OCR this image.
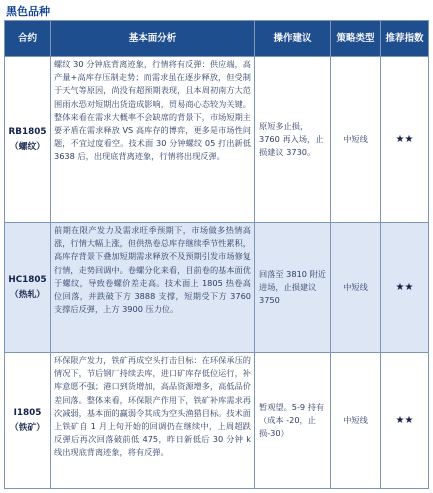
黑色品种
合约	基本面分析	操作建议	策略类型	推荐指数

RB1805
（螺纹）	螺纹 30 分钟底背离迹象，行情将有反弹：供应端，高产量+高库存压制走势；而需求虽在逐步释放，但受制于天气等原因，尚没有超预期表现，且本周初南方大范围雨水恐对短期出货造成影响，贸易商心态较为关键。整体来看在需求大概率不会缺席的背景下，市场短期主要矛盾在需求释放 VS 高库存的博弈，更多是市场性问题，不宜过度看空。技术面 30 分钟螺纹 05 打出新低 3638 后，出现底背离迹象，行情将出现反弹。	原短多止损，3760 再入场，止损建议 3730。	中短线	★★

HC1805
（热轧）	前期在限产发力及需求旺季预期下，市场做多热情高涨，行情大幅上涨，但供热卷总库存继续季节性累积，高库存背景下叠加短期需求释放不及预期引发市场修复行情，走势回调中。卷螺分化来看，目前卷的基本面优于螺纹，导致卷螺价差走高。技术面上 1805 热卷高位回落，并跌破下方 3888 支撑，短期受下方 3760 支撑后反弹，上方 3900 压力位。	回落至 3810 附近进场，止损建议 3750	中短线	★★

I1805
（铁矿）	环保限产发力，铁矿再成空头打击目标：在环保承压的情况下，节后钢厂持续去库，进口矿库存低位运行，补库意愿不强；港口到货增加，高品资源增多，高低品价差回落。整体来看，环保限产作用下，铁矿补库需求再次减弱，基本面的赢弱令其成为空头渔猎目标。技术面上铁矿自 1 月上旬开始的回调仍在继续中，上周超跌 反弹后再次回落破前低 475，昨日新低后 30 分钟 k 线出现底背离迹象，将有反弹。	暂观望。5-9 持有（成本 -20，止损-30）	中短线	★★
